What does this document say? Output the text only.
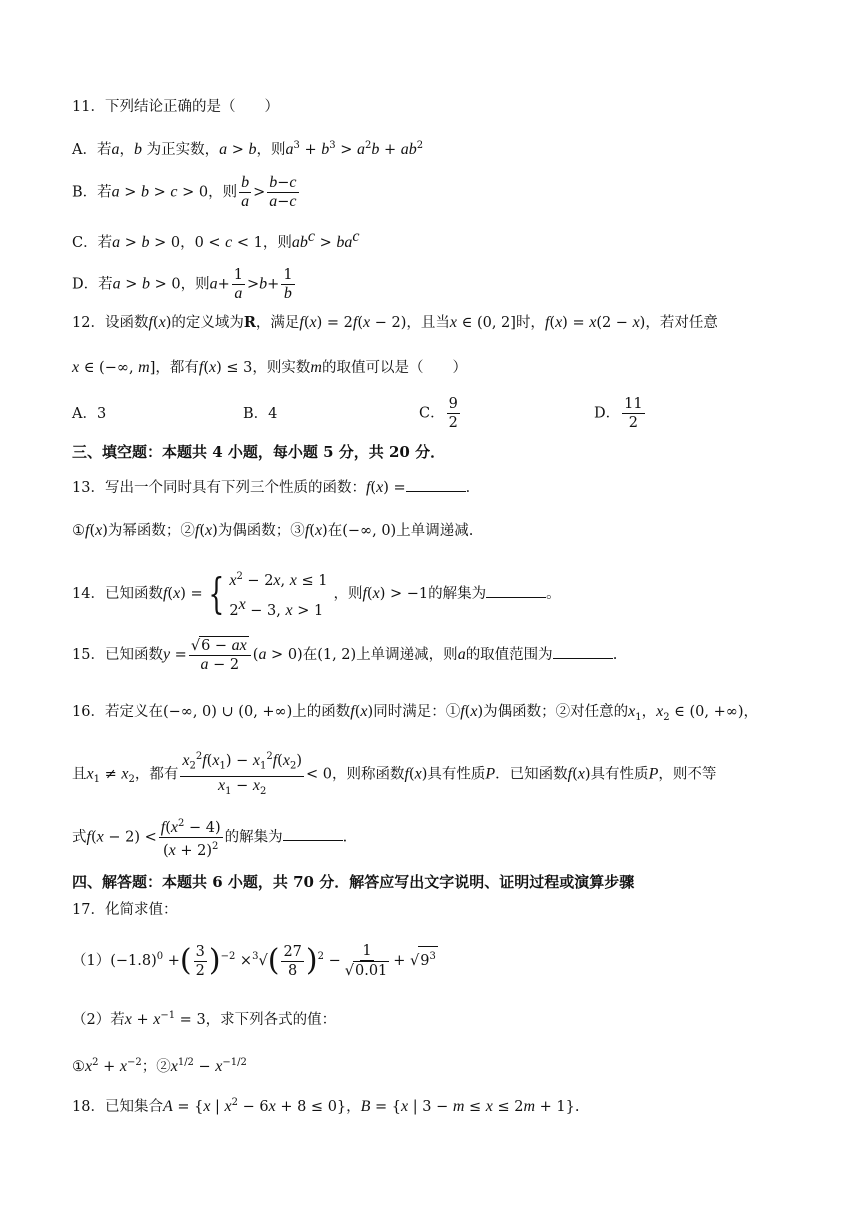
11．下列结论正确的是（　　）
A．若a，b 为正实数，a > b，则$a^3 + b^3 > a^2b + ab^2$
B．若a > b > c > 0，则 $\frac{b}{a} > \frac{b-c}{a-c}$
C．若a > b > 0，0 < c < 1，则$ab^c > ba^c$
D．若a > b > 0，则$a+ \frac{1}{a} >b+ \frac{1}{b}$
12．设函数f(x)的定义域为R，满足f(x) = 2f(x − 2)，且当x ∈ (0, 2]时，f(x) = x(2 − x)，若对任意
x ∈ (−∞, m]，都有f(x) ≤ 3，则实数m的取值可以是（　　）
A．3	B．4	C． $\frac{9}{2}$	D． $\frac{11}{2}$
三、填空题：本题共 4 小题，每小题 5 分，共 20 分．
13．写出一个同时具有下列三个性质的函数：f(x) =	．
①f(x)为幂函数；②f(x)为偶函数；③f(x)在(−∞, 0)上单调递减.
14．已知函数f(x) = { $x^2 - 2x$, x ≤ 1
$2^x - 3$, x > 1
，则f(x) > −1的解集为	。
15．已知函数$y = \frac{√6 - ax}{a - 2} (a > 0)$在(1, 2)上单调递减，则a的取值范围为	.
16．若定义在(−∞, 0) ∪ (0, +∞)上的函数f(x)同时满足：①f(x)为偶函数；②对任意的$x_1$，$x_2$ ∈ (0, +∞)，
且$x_1 \ne x_2$，都有 $\frac{x_2^2f(x_1) - x_1^2f(x_2)}{x_1 - x_2} < 0$，则称函数f(x)具有性质P．已知函数f(x)具有性质P，则不等
式$f(x - 2) < \frac{f(x^2 - 4)}{(x + 2)^2}$ 的解集为	.
四、解答题：本题共 6 小题，共 70 分．解答应写出文字说明、证明过程或演算步骤
17．化简求值：
$(1)(-1.8)^0$ +( $\frac{3}{2} )^{-2} \times^3√( \frac{27}{8} )^2 - \frac{1}{√0.01} + √9^3$
（2）若$x + x^{-1} = 3$，求下列各式的值：
$①x^2 + x^{-2}$；$②x^{1/2} - x^{-1/2}$
18．已知集合A = {x | $x^2 - 6x + 8 \le 0$}，B = {x | 3 − m ≤ x ≤ 2m + 1}.
